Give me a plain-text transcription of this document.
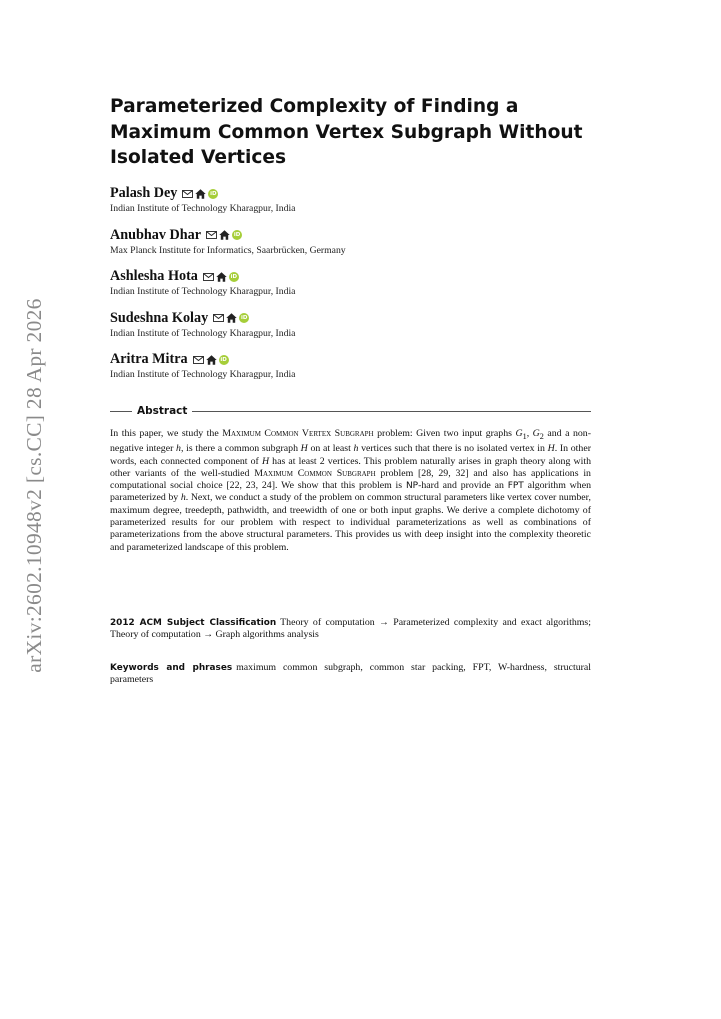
arXiv:2602.10948v2 [cs.CC] 28 Apr 2026
Parameterized Complexity of Finding a Maximum Common Vertex Subgraph Without Isolated Vertices
Palash Dey
iD
Indian Institute of Technology Kharagpur, India
Anubhav Dhar
iD
Max Planck Institute for Informatics, Saarbrücken, Germany
Ashlesha Hota
iD
Indian Institute of Technology Kharagpur, India
Sudeshna Kolay
iD
Indian Institute of Technology Kharagpur, India
Aritra Mitra
iD
Indian Institute of Technology Kharagpur, India
Abstract

In this paper, we study the Maximum Common Vertex Subgraph problem: Given two input graphs $G_1$, $G_2$ and a non-negative integer h, is there a common subgraph H on at least h vertices such that there is no isolated vertex in H. In other words, each connected component of H has at least 2 vertices. This problem naturally arises in graph theory along with other variants of the well-studied Maximum Common Subgraph problem [28, 29, 32] and also has applications in computational social choice [22, 23, 24]. We show that this problem is NP-hard and provide an FPT algorithm when parameterized by h. Next, we conduct a study of the problem on common structural parameters like vertex cover number, maximum degree, treedepth, pathwidth, and treewidth of one or both input graphs. We derive a complete dichotomy of parameterized results for our problem with respect to individual parameterizations as well as combinations of parameterizations from the above structural parameters. This provides us with deep insight into the complexity theoretic and parameterized landscape of this problem.

2012 ACM Subject Classification Theory of computation → Parameterized complexity and exact algorithms; Theory of computation → Graph algorithms analysis

Keywords and phrases maximum common subgraph, common star packing, FPT, W-hardness, structural parameters
